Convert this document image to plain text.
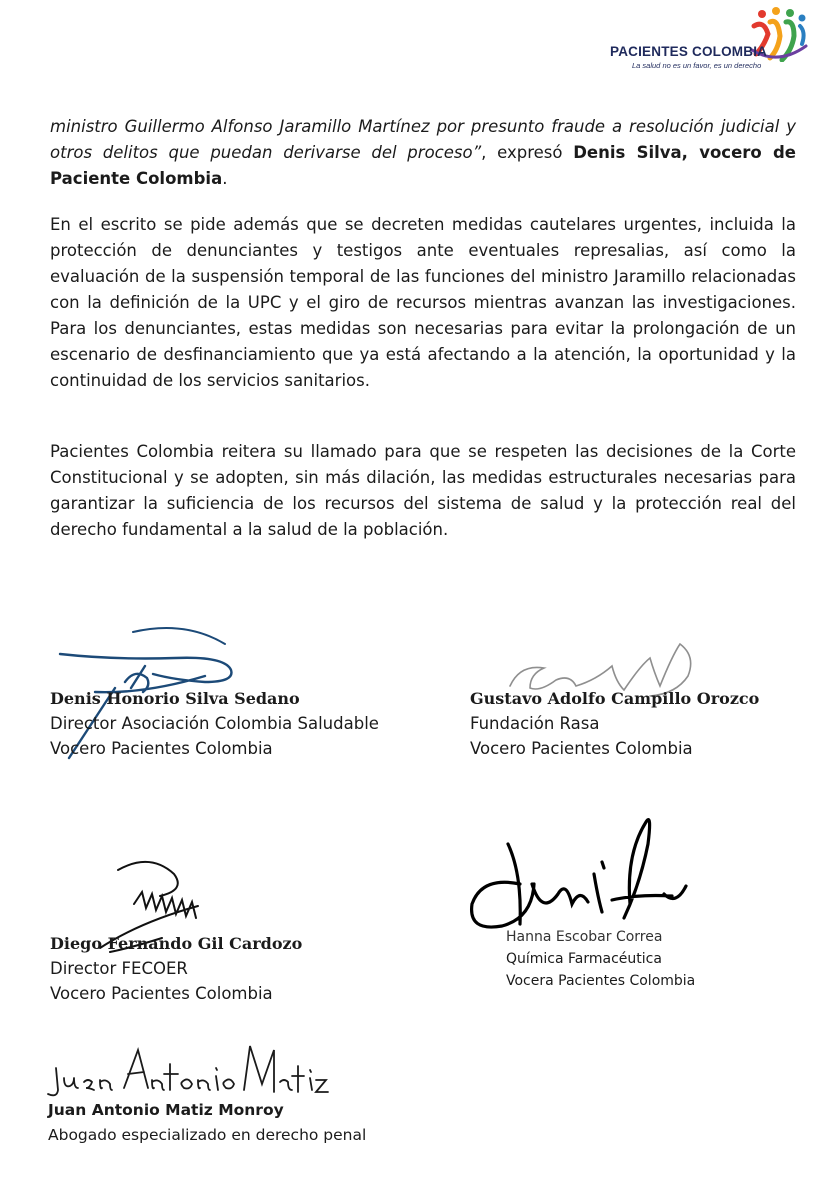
PACIENTES COLOMBIA
La salud no es un favor, es un derecho

ministro Guillermo Alfonso Jaramillo Martínez por presunto fraude a resolución judicial y otros delitos que puedan derivarse del proceso”, expresó Denis Silva, vocero de Paciente Colombia.

En el escrito se pide además que se decreten medidas cautelares urgentes, incluida la protección de denunciantes y testigos ante eventuales represalias, así como la evaluación de la suspensión temporal de las funciones del ministro Jaramillo relacionadas con la definición de la UPC y el giro de recursos mientras avanzan las investigaciones. Para los denunciantes, estas medidas son necesarias para evitar la prolongación de un escenario de desfinanciamiento que ya está afectando a la atención, la oportunidad y la continuidad de los servicios sanitarios.

Pacientes Colombia reitera su llamado para que se respeten las decisiones de la Corte Constitucional y se adopten, sin más dilación, las medidas estructurales necesarias para garantizar la suficiencia de los recursos del sistema de salud y la protección real del derecho fundamental a la salud de la población.

Denis Honorio Silva Sedano
Director Asociación Colombia Saludable
Vocero Pacientes Colombia
Gustavo Adolfo Campillo Orozco
Fundación Rasa
Vocero Pacientes Colombia
Diego Fernando Gil Cardozo
Director FECOER
Vocero Pacientes Colombia
Hanna Escobar Correa
Química Farmacéutica
Vocera Pacientes Colombia
Juan Antonio Matiz Monroy
Abogado especializado en derecho penal
